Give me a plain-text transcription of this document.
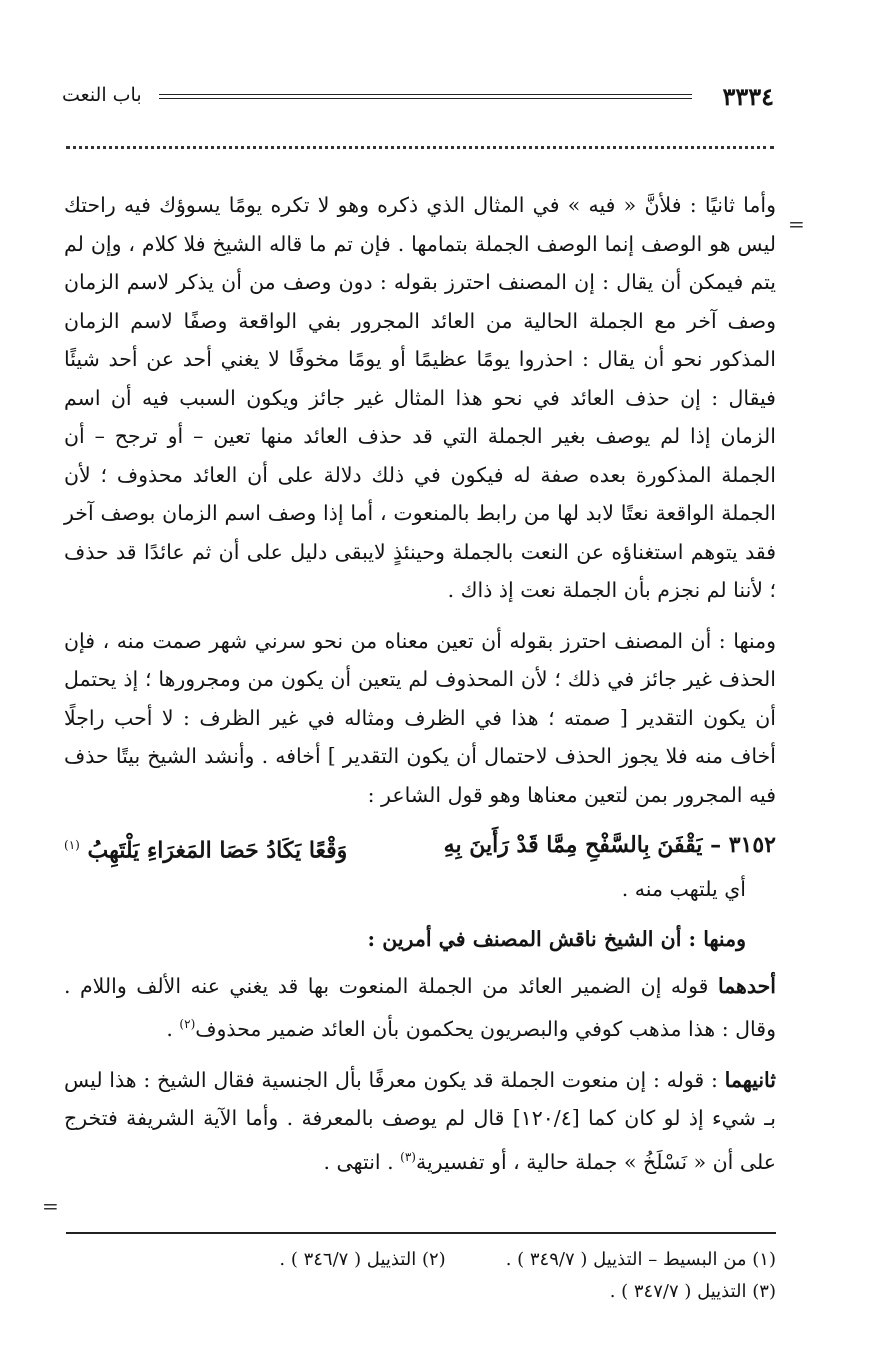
باب النعت	٣٣٣٤
=
=

وأما ثانيًا : فلأنَّ « فيه » في المثال الذي ذكره وهو لا تكره يومًا يسوؤك فيه راحتك ليس هو الوصف إنما الوصف الجملة بتمامها . فإن تم ما قاله الشيخ فلا كلام ، وإن لم يتم فيمكن أن يقال : إن المصنف احترز بقوله : دون وصف من أن يذكر لاسم الزمان وصف آخر مع الجملة الحالية من العائد المجرور بفي الواقعة وصفًا لاسم الزمان المذكور نحو أن يقال : احذروا يومًا عظيمًا أو يومًا مخوفًا لا يغني أحد عن أحد شيئًا فيقال : إن حذف العائد في نحو هذا المثال غير جائز ويكون السبب فيه أن اسم الزمان إذا لم يوصف بغير الجملة التي قد حذف العائد منها تعين – أو ترجح – أن الجملة المذكورة بعده صفة له فيكون في ذلك دلالة على أن العائد محذوف ؛ لأن الجملة الواقعة نعتًا لابد لها من رابط بالمنعوت ، أما إذا وصف اسم الزمان بوصف آخر فقد يتوهم استغناؤه عن النعت بالجملة وحينئذٍ لايبقى دليل على أن ثم عائدًا قد حذف ؛ لأننا لم نجزم بأن الجملة نعت إذ ذاك .

ومنها : أن المصنف احترز بقوله أن تعين معناه من نحو سرني شهر صمت منه ، فإن الحذف غير جائز في ذلك ؛ لأن المحذوف لم يتعين أن يكون من ومجرورها ؛ إذ يحتمل أن يكون التقدير [ صمته ؛ هذا في الظرف ومثاله في غير الظرف : لا أحب راجلًا أخاف منه فلا يجوز الحذف لاحتمال أن يكون التقدير ] أخافه . وأنشد الشيخ بيتًا حذف فيه المجرور بمن لتعين معناها وهو قول الشاعر :

٣١٥٢ – يَقْفَنَ بِالسَّفْحِ مِمَّا قَدْ رَأَينَ بِهِ
وَقْعًا يَكَادُ حَصَا المَغرَاءِ يَلْتَهِبُ $^{(١)}$

أي يلتهب منه .

ومنها : أن الشيخ ناقش المصنف في أمرين :

أحدهما قوله إن الضمير العائد من الجملة المنعوت بها قد يغني عنه الألف واللام . وقال : هذا مذهب كوفي والبصريون يحكمون بأن العائد ضمير محذوف$^{(٢)}$ .

ثانيهما : قوله : إن منعوت الجملة قد يكون معرفًا بأل الجنسية فقال الشيخ : هذا ليس بـ شيء إذ لو كان كما [١٢٠/٤] قال لم يوصف بالمعرفة . وأما الآية الشريفة فتخرج على أن « نَسْلَخُ » جملة حالية ، أو تفسيرية$^{(٣)}$ . انتهى .

(١) من البسيط – التذييل ( ٣٤٩/٧ ) .
(٢) التذييل ( ٣٤٦/٧ ) .
(٣) التذييل ( ٣٤٧/٧ ) .
